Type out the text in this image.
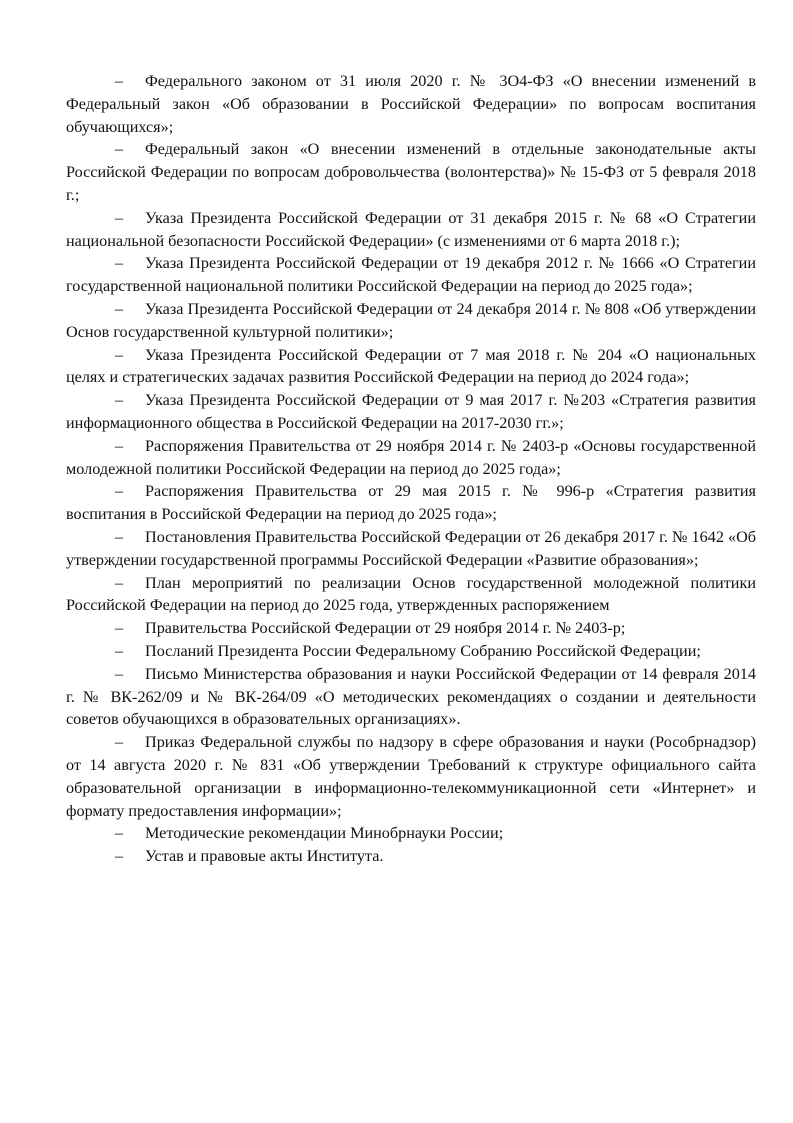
– Федерального законом от 31 июля 2020 г. № 3О4-ФЗ «О внесении изменений в Федеральный закон «Об образовании в Российской Федерации» по вопросам воспитания обучающихся»;

– Федеральный закон «О внесении изменений в отдельные законодательные акты Российской Федерации по вопросам добровольчества (волонтерства)» № 15-ФЗ от 5 февраля 2018 г.;

– Указа Президента Российской Федерации от 31 декабря 2015 г. № 68 «О Стратегии национальной безопасности Российской Федерации» (с изменениями от 6 марта 2018 г.);

– Указа Президента Российской Федерации от 19 декабря 2012 г. № 1666 «О Стратегии государственной национальной политики Российской Федерации на период до 2025 года»;

– Указа Президента Российской Федерации от 24 декабря 2014 г. № 808 «Об утверждении Основ государственной культурной политики»;

– Указа Президента Российской Федерации от 7 мая 2018 г. № 204 «О национальных целях и стратегических задачах развития Российской Федерации на период до 2024 года»;

– Указа Президента Российской Федерации от 9 мая 2017 г. №203 «Стратегия развития информационного общества в Российской Федерации на 2017-2030 гг.»;

– Распоряжения Правительства от 29 ноября 2014 г. № 2403-р «Основы государственной молодежной политики Российской Федерации на период до 2025 года»;

– Распоряжения Правительства от 29 мая 2015 г. № 996-р «Стратегия развития воспитания в Российской Федерации на период до 2025 года»;

– Постановления Правительства Российской Федерации от 26 декабря 2017 г. № 1642 «Об утверждении государственной программы Российской Федерации «Развитие образования»;

– План мероприятий по реализации Основ государственной молодежной политики Российской Федерации на период до 2025 года, утвержденных распоряжением

– Правительства Российской Федерации от 29 ноября 2014 г. № 2403-р;

– Посланий Президента России Федеральному Собранию Российской Федерации;

– Письмо Министерства образования и науки Российской Федерации от 14 февраля 2014 г. № ВК-262/09 и № ВК-264/09 «О методических рекомендациях о создании и деятельности советов обучающихся в образовательных организациях».

– Приказ Федеральной службы по надзору в сфере образования и науки (Рособрнадзор) от 14 августа 2020 г. № 831 «Об утверждении Требований к структуре официального сайта образовательной организации в информационно-телекоммуникационной сети «Интернет» и формату предоставления информации»;

– Методические рекомендации Минобрнауки России;

– Устав и правовые акты Института.
